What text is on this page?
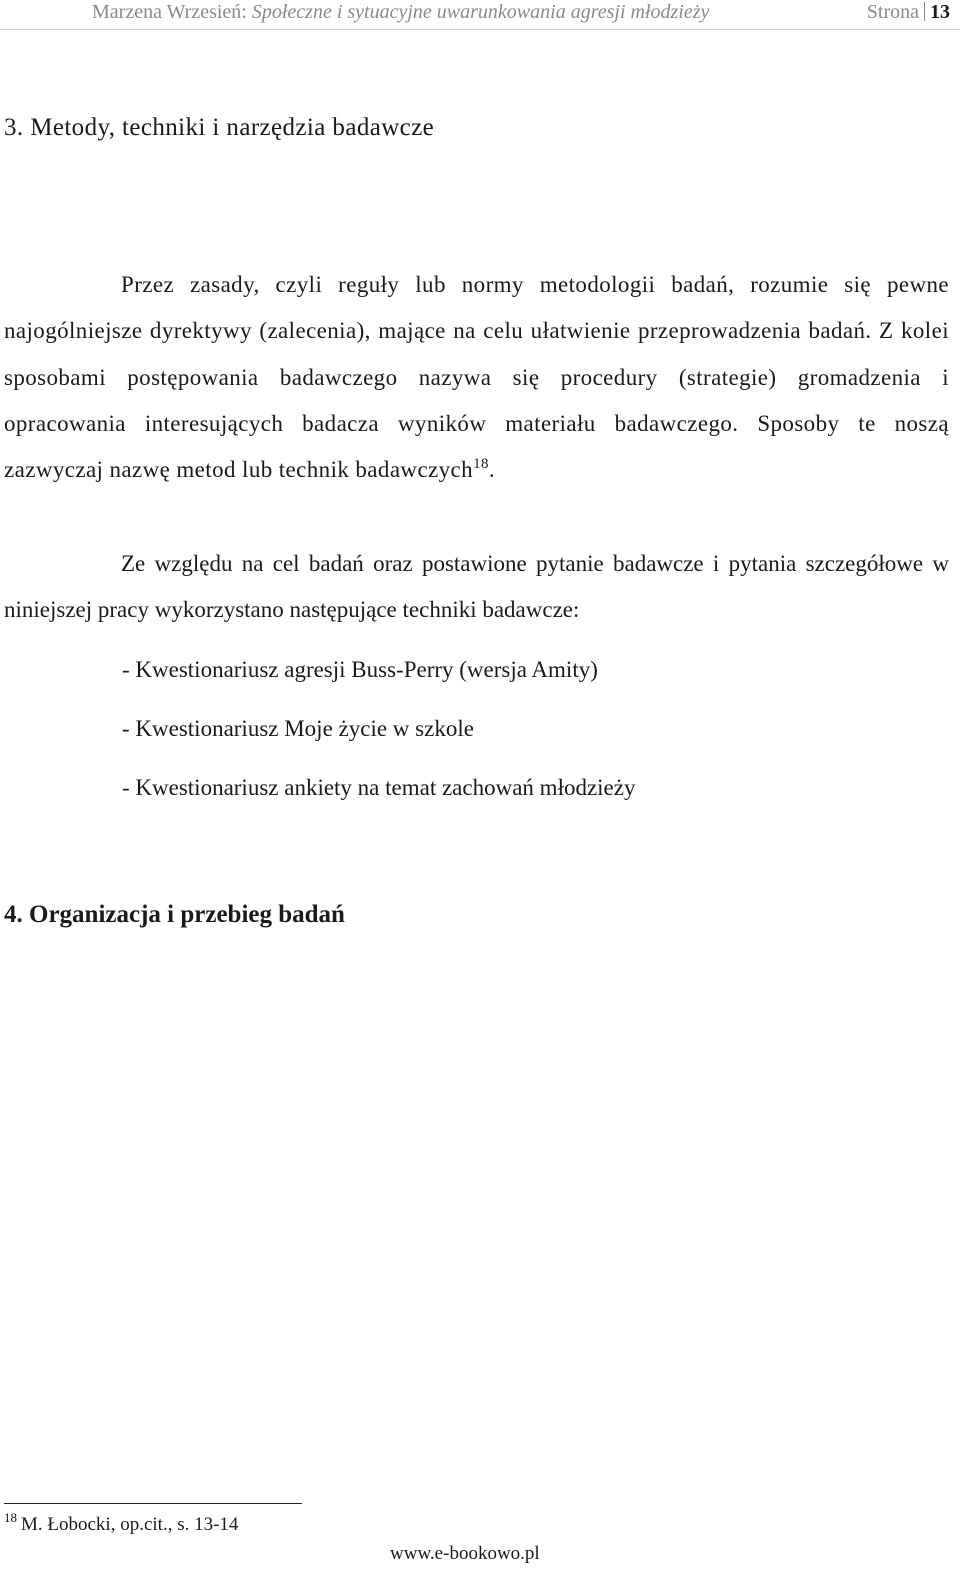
Marzena Wrzesień: Społeczne i sytuacyjne uwarunkowania agresji młodzieży	Strona 13
3. Metody, techniki i narzędzia badawcze

Przez zasady, czyli reguły lub normy metodologii badań, rozumie się pewne najogólniejsze dyrektywy (zalecenia), mające na celu ułatwienie przeprowadzenia badań. Z kolei sposobami postępowania badawczego nazywa się procedury (strategie) gromadzenia i opracowania interesujących badacza wyników materiału badawczego. Sposoby te noszą zazwyczaj nazwę metod lub technik badawczych$^{18}$.

Ze względu na cel badań oraz postawione pytanie badawcze i pytania szczegółowe w niniejszej pracy wykorzystano następujące techniki badawcze:

- Kwestionariusz agresji Buss-Perry (wersja Amity)
- Kwestionariusz Moje życie w szkole
- Kwestionariusz ankiety na temat zachowań młodzieży
4. Organizacja i przebieg badań
$^{18}$ M. Łobocki, op.cit., s. 13-14
www.e-bookowo.pl
